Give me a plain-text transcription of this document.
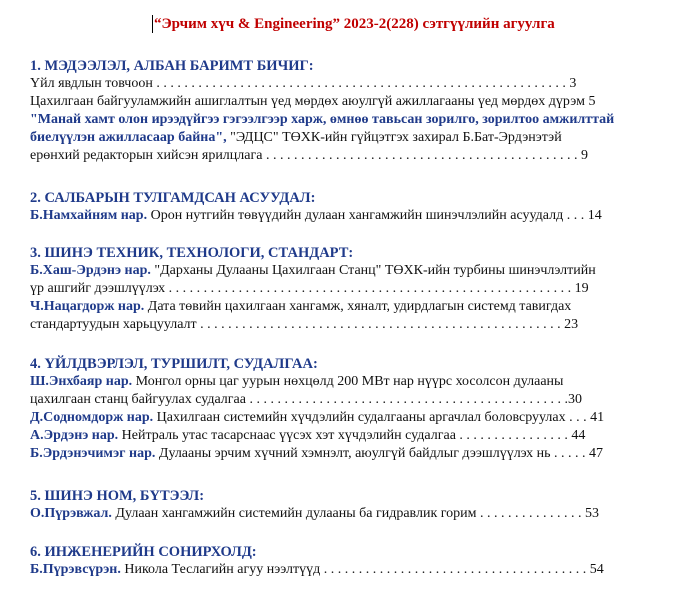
“Эрчим хүч & Engineering” 2023-2(228) сэтгүүлийн агуулга
1. МЭДЭЭЛЭЛ, АЛБАН БАРИМТ БИЧИГ:
Үйл явдлын товчоон . . . . . . . . . . . . . . . . . . . . . . . . . . . . . . . . . . . . . . . . . . . . . . . . . . . . . . . . . . . 3
Цахилгаан байгууламжийн ашиглалтын үед мөрдөх аюулгүй ажиллагааны үед мөрдөх дүрэм 5
"Манай хамт олон ирээдүйгээ гэгээлгээр харж, өмнөө тавьсан зорилго, зорилтоо амжилттай
биелүүлэн ажилласаар байна", "ЭДЦС" ТӨХК-ийн гүйцэтгэх захирал Б.Бат-Эрдэнэтэй
ерөнхий редакторын хийсэн ярилцлага . . . . . . . . . . . . . . . . . . . . . . . . . . . . . . . . . . . . . . . . . . . . . 9
2. САЛБАРЫН ТУЛГАМДСАН АСУУДАЛ:
Б.Намхайням нар. Орон нутгийн төвүүдийн дулаан хангамжийн шинэчлэлийн асуудалд . . . 14
3. ШИНЭ ТЕХНИК, ТЕХНОЛОГИ, СТАНДАРТ:
Б.Хаш-Эрдэнэ нар. "Дарханы Дулааны Цахилгаан Станц" ТӨХК-ийн турбины шинэчлэлтийн
үр ашгийг дээшлүүлэх . . . . . . . . . . . . . . . . . . . . . . . . . . . . . . . . . . . . . . . . . . . . . . . . . . . . . . . . . . 19
Ч.Нацагдорж нар. Дата төвийн цахилгаан хангамж, хяналт, удирдлагын системд тавигдах
стандартуудын харьцуулалт . . . . . . . . . . . . . . . . . . . . . . . . . . . . . . . . . . . . . . . . . . . . . . . . . . . . 23
4. ҮЙЛДВЭРЛЭЛ, ТУРШИЛТ, СУДАЛГАА:
Ш.Энхбаяр нар. Монгол орны цаг уурын нөхцөлд 200 МВт нар нүүрс хосолсон дулааны
цахилгаан станц байгуулах судалгаа . . . . . . . . . . . . . . . . . . . . . . . . . . . . . . . . . . . . . . . . . . . . . .30
Д.Содномдорж нар. Цахилгаан системийн хүчдэлийн судалгааны аргачлал боловсруулах . . . 41
А.Эрдэнэ нар. Нейтраль утас тасарснаас үүсэх хэт хүчдэлийн судалгаа . . . . . . . . . . . . . . . . 44
Б.Эрдэнэчимэг нар. Дулааны эрчим хүчний хэмнэлт, аюулгүй байдлыг дээшлүүлэх нь . . . . . 47
5. ШИНЭ НОМ, БҮТЭЭЛ:
О.Пүрэвжал. Дулаан хангамжийн системийн дулааны ба гидравлик горим . . . . . . . . . . . . . . . 53
6. ИНЖЕНЕРИЙН СОНИРХОЛД:
Б.Пүрэвсүрэн. Никола Теслагийн агуу нээлтүүд . . . . . . . . . . . . . . . . . . . . . . . . . . . . . . . . . . . . . . 54
